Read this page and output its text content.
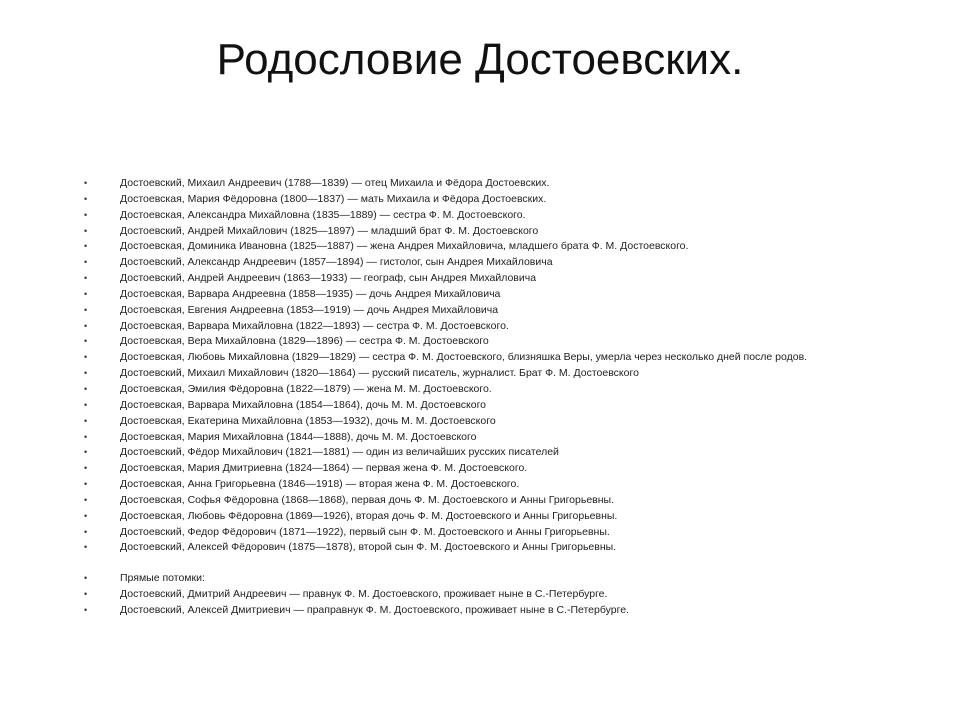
Родословие Достоевских.
•	Достоевский, Михаил Андреевич (1788—1839) — отец Михаила и Фёдора Достоевских.
•	Достоевская, Мария Фёдоровна (1800—1837) — мать Михаила и Фёдора Достоевских.
•	Достоевская, Александра Михайловна (1835—1889) — сестра Ф. М. Достоевского.
•	Достоевский, Андрей Михайлович (1825—1897) — младший брат Ф. М. Достоевского
•	Достоевская, Доминика Ивановна (1825—1887) — жена Андрея Михайловича, младшего брата Ф. М. Достоевского.
•	Достоевский, Александр Андреевич (1857—1894) — гистолог, сын Андрея Михайловича
•	Достоевский, Андрей Андреевич (1863—1933) — географ, сын Андрея Михайловича
•	Достоевская, Варвара Андреевна (1858—1935) — дочь Андрея Михайловича
•	Достоевская, Евгения Андреевна (1853—1919) — дочь Андрея Михайловича
•	Достоевская, Варвара Михайловна (1822—1893) — сестра Ф. М. Достоевского.
•	Достоевская, Вера Михайловна (1829—1896) — сестра Ф. М. Достоевского
•	Достоевская, Любовь Михайловна (1829—1829) — сестра Ф. М. Достоевского, близняшка Веры, умерла через несколько дней после родов.
•	Достоевский, Михаил Михайлович (1820—1864) — русский писатель, журналист. Брат Ф. М. Достоевского
•	Достоевская, Эмилия Фёдоровна (1822—1879) — жена М. М. Достоевского.
•	Достоевская, Варвара Михайловна (1854—1864), дочь М. М. Достоевского
•	Достоевская, Екатерина Михайловна (1853—1932), дочь М. М. Достоевского
•	Достоевская, Мария Михайловна (1844—1888), дочь М. М. Достоевского
•	Достоевский, Фёдор Михайлович (1821—1881) — один из величайших русских писателей
•	Достоевская, Мария Дмитриевна (1824—1864) — первая жена Ф. М. Достоевского.
•	Достоевская, Анна Григорьевна (1846—1918) — вторая жена Ф. М. Достоевского.
•	Достоевская, Софья Фёдоровна (1868—1868), первая дочь Ф. М. Достоевского и Анны Григорьевны.
•	Достоевская, Любовь Фёдоровна (1869—1926), вторая дочь Ф. М. Достоевского и Анны Григорьевны.
•	Достоевский, Федор Фёдорович (1871—1922), первый сын Ф. М. Достоевского и Анны Григорьевны.
•	Достоевский, Алексей Фёдорович (1875—1878), второй сын Ф. М. Достоевского и Анны Григорьевны.
•	Прямые потомки:
•	Достоевский, Дмитрий Андреевич — правнук Ф. М. Достоевского, проживает ныне в С.-Петербурге.
•	Достоевский, Алексей Дмитриевич — праправнук Ф. М. Достоевского, проживает ныне в С.-Петербурге.
